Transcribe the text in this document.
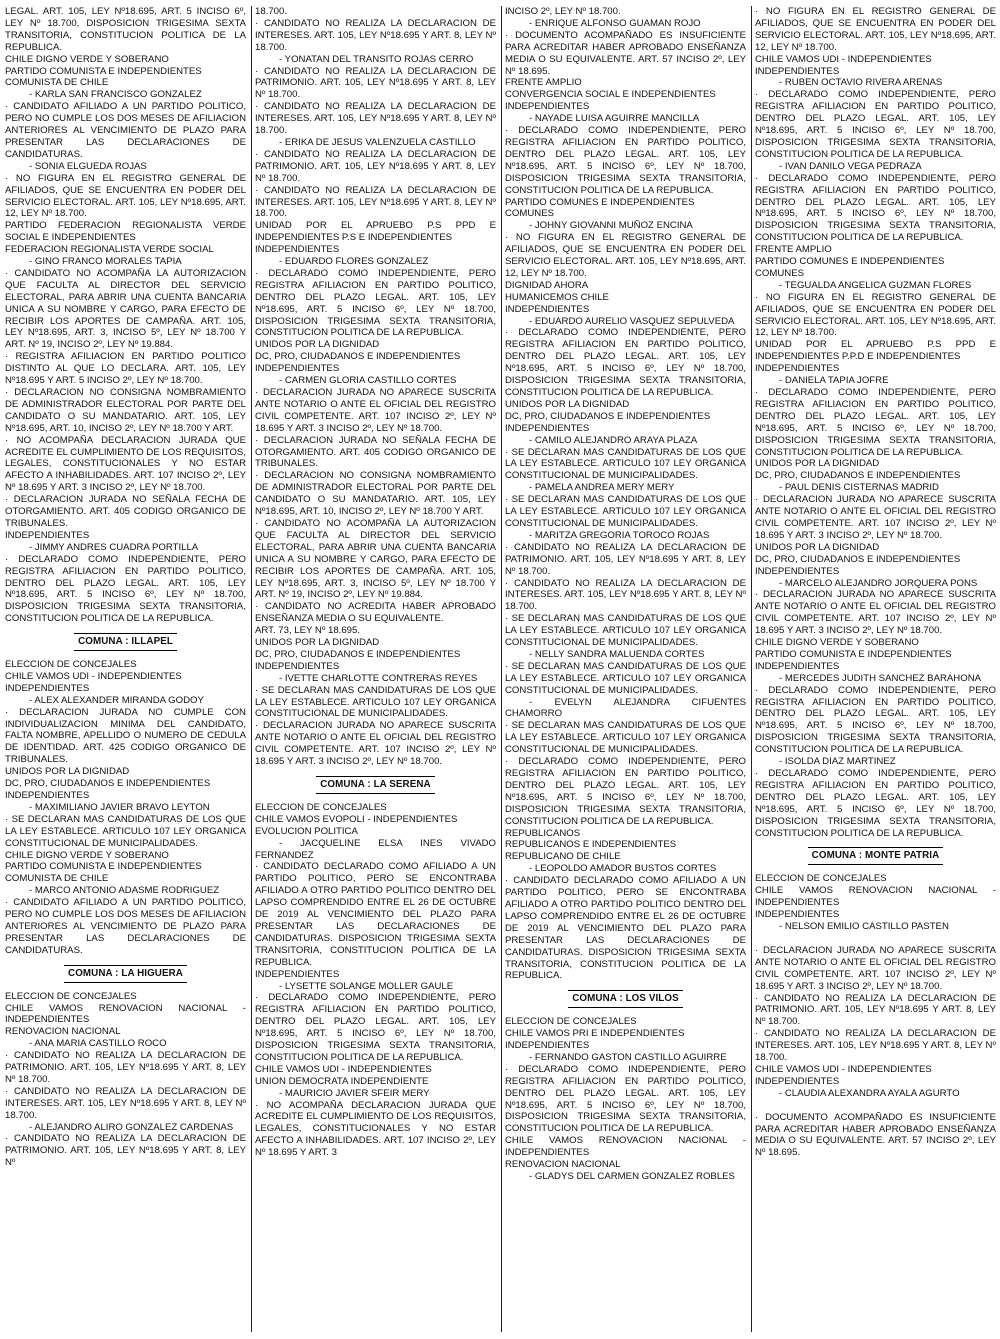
LEGAL. ART. 105, LEY Nº18.695, ART. 5 INCISO 6º, LEY Nº 18.700, DISPOSICION TRIGESIMA SEXTA TRANSITORIA, CONSTITUCION POLITICA DE LA REPUBLICA.

CHILE DIGNO VERDE Y SOBERANO

PARTIDO COMUNISTA E INDEPENDIENTES

COMUNISTA DE CHILE

- KARLA SAN FRANCISCO GONZALEZ

· CANDIDATO AFILIADO A UN PARTIDO POLITICO, PERO NO CUMPLE LOS DOS MESES DE AFILIACION ANTERIORES AL VENCIMIENTO DE PLAZO PARA PRESENTAR LAS DECLARACIONES DE CANDIDATURAS.

- SONIA ELGUEDA ROJAS

· NO FIGURA EN EL REGISTRO GENERAL DE AFILIADOS, QUE SE ENCUENTRA EN PODER DEL SERVICIO ELECTORAL. ART. 105, LEY Nº18.695, ART. 12, LEY Nº 18.700.

PARTIDO FEDERACION REGIONALISTA VERDE SOCIAL E INDEPENDIENTES

FEDERACION REGIONALISTA VERDE SOCIAL

- GINO FRANCO MORALES TAPIA

· CANDIDATO NO ACOMPAÑA LA AUTORIZACION QUE FACULTA AL DIRECTOR DEL SERVICIO ELECTORAL, PARA ABRIR UNA CUENTA BANCARIA UNICA A SU NOMBRE Y CARGO, PARA EFECTO DE RECIBIR LOS APORTES DE CAMPAÑA. ART. 105, LEY Nº18.695, ART. 3, INCISO 5º, LEY Nº 18.700 Y ART. Nº 19, INCISO 2º, LEY Nº 19.884.

· REGISTRA AFILIACION EN PARTIDO POLITICO DISTINTO AL QUE LO DECLARA. ART. 105, LEY Nº18.695 Y ART. 5 INCISO 2º, LEY Nº 18.700.

· DECLARACION NO CONSIGNA NOMBRAMIENTO DE ADMINISTRADOR ELECTORAL POR PARTE DEL CANDIDATO O SU MANDATARIO. ART. 105, LEY Nº18.695, ART. 10, INCISO 2º, LEY Nº 18.700 Y ART.

· NO ACOMPAÑA DECLARACION JURADA QUE ACREDITE EL CUMPLIMIENTO DE LOS REQUISITOS, LEGALES, CONSTITUCIONALES Y NO ESTAR AFECTO A INHABILIDADES. ART. 107 INCISO 2º, LEY Nº 18.695 Y ART. 3 INCISO 2º, LEY Nº 18.700.

· DECLARACION JURADA NO SEÑALA FECHA DE OTORGAMIENTO. ART. 405 CODIGO ORGANICO DE TRIBUNALES.

INDEPENDIENTES

- JIMMY ANDRES CUADRA PORTILLA

· DECLARADO COMO INDEPENDIENTE, PERO REGISTRA AFILIACION EN PARTIDO POLITICO, DENTRO DEL PLAZO LEGAL. ART. 105, LEY Nº18.695, ART. 5 INCISO 6º, LEY Nº 18.700, DISPOSICION TRIGESIMA SEXTA TRANSITORIA, CONSTITUCION POLITICA DE LA REPUBLICA.

COMUNA : ILLAPEL

ELECCION DE CONCEJALES

CHILE VAMOS UDI - INDEPENDIENTES

INDEPENDIENTES

- ALEX ALEXANDER MIRANDA GODOY

· DECLARACION JURADA NO CUMPLE CON INDIVIDUALIZACION MINIMA DEL CANDIDATO, FALTA NOMBRE, APELLIDO O NUMERO DE CEDULA DE IDENTIDAD. ART. 425 CODIGO ORGANICO DE TRIBUNALES.

UNIDOS POR LA DIGNIDAD

DC, PRO, CIUDADANOS E INDEPENDIENTES

INDEPENDIENTES

- MAXIMILIANO JAVIER BRAVO LEYTON

· SE DECLARAN MAS CANDIDATURAS DE LOS QUE LA LEY ESTABLECE. ARTICULO 107 LEY ORGANICA CONSTITUCIONAL DE MUNICIPALIDADES.

CHILE DIGNO VERDE Y SOBERANO

PARTIDO COMUNISTA E INDEPENDIENTES

COMUNISTA DE CHILE

- MARCO ANTONIO ADASME RODRIGUEZ

· CANDIDATO AFILIADO A UN PARTIDO POLITICO, PERO NO CUMPLE LOS DOS MESES DE AFILIACION ANTERIORES AL VENCIMIENTO DE PLAZO PARA PRESENTAR LAS DECLARACIONES DE CANDIDATURAS.

COMUNA : LA HIGUERA

ELECCION DE CONCEJALES

CHILE VAMOS RENOVACION NACIONAL - INDEPENDIENTES

RENOVACION NACIONAL

- ANA MARIA CASTILLO ROCO

· CANDIDATO NO REALIZA LA DECLARACION DE PATRIMONIO. ART. 105, LEY Nº18.695 Y ART. 8, LEY Nº 18.700.

· CANDIDATO NO REALIZA LA DECLARACION DE INTERESES. ART. 105, LEY Nº18.695 Y ART. 8, LEY Nº 18.700.

- ALEJANDRO ALIRO GONZALEZ CARDENAS

· CANDIDATO NO REALIZA LA DECLARACION DE PATRIMONIO. ART. 105, LEY Nº18.695 Y ART. 8, LEY Nº

18.700.

· CANDIDATO NO REALIZA LA DECLARACION DE INTERESES. ART. 105, LEY Nº18.695 Y ART. 8, LEY Nº 18.700.

- YONATAN DEL TRANSITO ROJAS CERRO

· CANDIDATO NO REALIZA LA DECLARACION DE PATRIMONIO. ART. 105, LEY Nº18.695 Y ART. 8, LEY Nº 18.700.

· CANDIDATO NO REALIZA LA DECLARACION DE INTERESES. ART. 105, LEY Nº18.695 Y ART. 8, LEY Nº 18.700.

- ERIKA DE JESUS VALENZUELA CASTILLO

· CANDIDATO NO REALIZA LA DECLARACION DE PATRIMONIO. ART. 105, LEY Nº18.695 Y ART. 8, LEY Nº 18.700.

· CANDIDATO NO REALIZA LA DECLARACION DE INTERESES. ART. 105, LEY Nº18.695 Y ART. 8, LEY Nº 18.700.

UNIDAD POR EL APRUEBO P.S PPD E INDEPENDIENTES P.S E INDEPENDIENTES

INDEPENDIENTES

- EDUARDO FLORES GONZALEZ

· DECLARADO COMO INDEPENDIENTE, PERO REGISTRA AFILIACION EN PARTIDO POLITICO, DENTRO DEL PLAZO LEGAL. ART. 105, LEY Nº18.695, ART. 5 INCISO 6º, LEY Nº 18.700, DISPOSICION TRIGESIMA SEXTA TRANSITORIA, CONSTITUCION POLITICA DE LA REPUBLICA.

UNIDOS POR LA DIGNIDAD

DC, PRO, CIUDADANOS E INDEPENDIENTES

INDEPENDIENTES

- CARMEN GLORIA CASTILLO CORTES

· DECLARACION JURADA NO APARECE SUSCRITA ANTE NOTARIO O ANTE EL OFICIAL DEL REGISTRO CIVIL COMPETENTE. ART. 107 INCISO 2º, LEY Nº 18.695 Y ART. 3 INCISO 2º, LEY Nº 18.700.

· DECLARACION JURADA NO SEÑALA FECHA DE OTORGAMIENTO. ART. 405 CODIGO ORGANICO DE TRIBUNALES.

· DECLARACION NO CONSIGNA NOMBRAMIENTO DE ADMINISTRADOR ELECTORAL POR PARTE DEL CANDIDATO O SU MANDATARIO. ART. 105, LEY Nº18.695, ART. 10, INCISO 2º, LEY Nº 18.700 Y ART.

· CANDIDATO NO ACOMPAÑA LA AUTORIZACION QUE FACULTA AL DIRECTOR DEL SERVICIO ELECTORAL, PARA ABRIR UNA CUENTA BANCARIA UNICA A SU NOMBRE Y CARGO, PARA EFECTO DE RECIBIR LOS APORTES DE CAMPAÑA. ART. 105, LEY Nº18.695, ART. 3, INCISO 5º, LEY Nº 18.700 Y ART. Nº 19, INCISO 2º, LEY Nº 19.884.

· CANDIDATO NO ACREDITA HABER APROBADO ENSEÑANZA MEDIA O SU EQUIVALENTE.

ART. 73, LEY Nº 18.695.

UNIDOS POR LA DIGNIDAD

DC, PRO, CIUDADANOS E INDEPENDIENTES

INDEPENDIENTES

- IVETTE CHARLOTTE CONTRERAS REYES

· SE DECLARAN MAS CANDIDATURAS DE LOS QUE LA LEY ESTABLECE. ARTICULO 107 LEY ORGANICA CONSTITUCIONAL DE MUNICIPALIDADES.

· DECLARACION JURADA NO APARECE SUSCRITA ANTE NOTARIO O ANTE EL OFICIAL DEL REGISTRO CIVIL COMPETENTE. ART. 107 INCISO 2º, LEY Nº 18.695 Y ART. 3 INCISO 2º, LEY Nº 18.700.

COMUNA : LA SERENA

ELECCION DE CONCEJALES

CHILE VAMOS EVOPOLI - INDEPENDIENTES

EVOLUCION POLITICA

- JACQUELINE ELSA INES VIVADO FERNANDEZ

· CANDIDATO DECLARADO COMO AFILIADO A UN PARTIDO POLITICO, PERO SE ENCONTRABA AFILIADO A OTRO PARTIDO POLITICO DENTRO DEL LAPSO COMPRENDIDO ENTRE EL 26 DE OCTUBRE DE 2019 AL VENCIMIENTO DEL PLAZO PARA PRESENTAR LAS DECLARACIONES DE CANDIDATURAS. DISPOSICION TRIGESIMA SEXTA TRANSITORIA, CONSTITUCION POLITICA DE LA REPUBLICA.

INDEPENDIENTES

- LYSETTE SOLANGE MOLLER GAULE

· DECLARADO COMO INDEPENDIENTE, PERO REGISTRA AFILIACION EN PARTIDO POLITICO, DENTRO DEL PLAZO LEGAL. ART. 105, LEY Nº18.695, ART. 5 INCISO 6º, LEY Nº 18.700, DISPOSICION TRIGESIMA SEXTA TRANSITORIA, CONSTITUCION POLITICA DE LA REPUBLICA.

CHILE VAMOS UDI - INDEPENDIENTES

UNION DEMOCRATA INDEPENDIENTE

- MAURICIO JAVIER SFEIR MERY

· NO ACOMPAÑA DECLARACION JURADA QUE ACREDITE EL CUMPLIMIENTO DE LOS REQUISITOS, LEGALES, CONSTITUCIONALES Y NO ESTAR AFECTO A INHABILIDADES. ART. 107 INCISO 2º, LEY Nº 18.695 Y ART. 3

INCISO 2º, LEY Nº 18.700.

- ENRIQUE ALFONSO GUAMAN ROJO

· DOCUMENTO ACOMPAÑADO ES INSUFICIENTE PARA ACREDITAR HABER APROBADO ENSEÑANZA MEDIA O SU EQUIVALENTE. ART. 57 INCISO 2º, LEY Nº 18.695.

FRENTE AMPLIO

CONVERGENCIA SOCIAL E INDEPENDIENTES

INDEPENDIENTES

- NAYADE LUISA AGUIRRE MANCILLA

· DECLARADO COMO INDEPENDIENTE, PERO REGISTRA AFILIACION EN PARTIDO POLITICO, DENTRO DEL PLAZO LEGAL. ART. 105, LEY Nº18.695, ART. 5 INCISO 6º, LEY Nº 18.700, DISPOSICION TRIGESIMA SEXTA TRANSITORIA, CONSTITUCION POLITICA DE LA REPUBLICA.

PARTIDO COMUNES E INDEPENDIENTES

COMUNES

- JOHNY GIOVANNI MUÑOZ ENCINA

· NO FIGURA EN EL REGISTRO GENERAL DE AFILIADOS, QUE SE ENCUENTRA EN PODER DEL SERVICIO ELECTORAL. ART. 105, LEY Nº18.695, ART. 12, LEY Nº 18.700.

DIGNIDAD AHORA

HUMANICEMOS CHILE

INDEPENDIENTES

- EDUARDO AURELIO VASQUEZ SEPULVEDA

· DECLARADO COMO INDEPENDIENTE, PERO REGISTRA AFILIACION EN PARTIDO POLITICO, DENTRO DEL PLAZO LEGAL. ART. 105, LEY Nº18.695, ART. 5 INCISO 6º, LEY Nº 18.700, DISPOSICION TRIGESIMA SEXTA TRANSITORIA, CONSTITUCION POLITICA DE LA REPUBLICA.

UNIDOS POR LA DIGNIDAD

DC, PRO, CIUDADANOS E INDEPENDIENTES

INDEPENDIENTES

- CAMILO ALEJANDRO ARAYA PLAZA

· SE DECLARAN MAS CANDIDATURAS DE LOS QUE LA LEY ESTABLECE. ARTICULO 107 LEY ORGANICA CONSTITUCIONAL DE MUNICIPALIDADES.

- PAMELA ANDREA MERY MERY

· SE DECLARAN MAS CANDIDATURAS DE LOS QUE LA LEY ESTABLECE. ARTICULO 107 LEY ORGANICA CONSTITUCIONAL DE MUNICIPALIDADES.

- MARITZA GREGORIA TOROCO ROJAS

· CANDIDATO NO REALIZA LA DECLARACION DE PATRIMONIO. ART. 105, LEY Nº18.695 Y ART. 8, LEY Nº 18.700.

· CANDIDATO NO REALIZA LA DECLARACION DE INTERESES. ART. 105, LEY Nº18.695 Y ART. 8, LEY Nº 18.700.

· SE DECLARAN MAS CANDIDATURAS DE LOS QUE LA LEY ESTABLECE. ARTICULO 107 LEY ORGANICA CONSTITUCIONAL DE MUNICIPALIDADES.

- NELLY SANDRA MALUENDA CORTES

· SE DECLARAN MAS CANDIDATURAS DE LOS QUE LA LEY ESTABLECE. ARTICULO 107 LEY ORGANICA CONSTITUCIONAL DE MUNICIPALIDADES.

- EVELYN ALEJANDRA CIFUENTES CHAMORRO

· SE DECLARAN MAS CANDIDATURAS DE LOS QUE LA LEY ESTABLECE. ARTICULO 107 LEY ORGANICA CONSTITUCIONAL DE MUNICIPALIDADES.

· DECLARADO COMO INDEPENDIENTE, PERO REGISTRA AFILIACION EN PARTIDO POLITICO, DENTRO DEL PLAZO LEGAL. ART. 105, LEY Nº18.695, ART. 5 INCISO 6º, LEY Nº 18.700, DISPOSICION TRIGESIMA SEXTA TRANSITORIA, CONSTITUCION POLITICA DE LA REPUBLICA.

REPUBLICANOS

REPUBLICANOS E INDEPENDIENTES

REPUBLICANO DE CHILE

- LEOPOLDO AMADOR BUSTOS CORTES

· CANDIDATO DECLARADO COMO AFILIADO A UN PARTIDO POLITICO, PERO SE ENCONTRABA AFILIADO A OTRO PARTIDO POLITICO DENTRO DEL LAPSO COMPRENDIDO ENTRE EL 26 DE OCTUBRE DE 2019 AL VENCIMIENTO DEL PLAZO PARA PRESENTAR LAS DECLARACIONES DE CANDIDATURAS. DISPOSICION TRIGESIMA SEXTA TRANSITORIA, CONSTITUCION POLITICA DE LA REPUBLICA.

COMUNA : LOS VILOS

ELECCION DE CONCEJALES

CHILE VAMOS PRI E INDEPENDIENTES

INDEPENDIENTES

- FERNANDO GASTON CASTILLO AGUIRRE

· DECLARADO COMO INDEPENDIENTE, PERO REGISTRA AFILIACION EN PARTIDO POLITICO, DENTRO DEL PLAZO LEGAL. ART. 105, LEY Nº18.695, ART. 5 INCISO 6º, LEY Nº 18.700, DISPOSICION TRIGESIMA SEXTA TRANSITORIA, CONSTITUCION POLITICA DE LA REPUBLICA.

CHILE VAMOS RENOVACION NACIONAL - INDEPENDIENTES

RENOVACION NACIONAL

- GLADYS DEL CARMEN GONZALEZ ROBLES

· NO FIGURA EN EL REGISTRO GENERAL DE AFILIADOS, QUE SE ENCUENTRA EN PODER DEL SERVICIO ELECTORAL. ART. 105, LEY Nº18.695, ART. 12, LEY Nº 18.700.

CHILE VAMOS UDI - INDEPENDIENTES

INDEPENDIENTES

- RUBEN OCTAVIO RIVERA ARENAS

· DECLARADO COMO INDEPENDIENTE, PERO REGISTRA AFILIACION EN PARTIDO POLITICO, DENTRO DEL PLAZO LEGAL. ART. 105, LEY Nº18.695, ART. 5 INCISO 6º, LEY Nº 18.700, DISPOSICION TRIGESIMA SEXTA TRANSITORIA, CONSTITUCION POLITICA DE LA REPUBLICA.

- IVAN DANILO VEGA PEDRAZA

· DECLARADO COMO INDEPENDIENTE, PERO REGISTRA AFILIACION EN PARTIDO POLITICO, DENTRO DEL PLAZO LEGAL. ART. 105, LEY Nº18.695, ART. 5 INCISO 6º, LEY Nº 18.700, DISPOSICION TRIGESIMA SEXTA TRANSITORIA, CONSTITUCION POLITICA DE LA REPUBLICA.

FRENTE AMPLIO

PARTIDO COMUNES E INDEPENDIENTES

COMUNES

- TEGUALDA ANGELICA GUZMAN FLORES

· NO FIGURA EN EL REGISTRO GENERAL DE AFILIADOS, QUE SE ENCUENTRA EN PODER DEL SERVICIO ELECTORAL. ART. 105, LEY Nº18.695, ART. 12, LEY Nº 18.700.

UNIDAD POR EL APRUEBO P.S PPD E INDEPENDIENTES P.P.D E INDEPENDIENTES

INDEPENDIENTES

- DANIELA TAPIA JOFRE

· DECLARADO COMO INDEPENDIENTE, PERO REGISTRA AFILIACION EN PARTIDO POLITICO, DENTRO DEL PLAZO LEGAL. ART. 105, LEY Nº18.695, ART. 5 INCISO 6º, LEY Nº 18.700, DISPOSICION TRIGESIMA SEXTA TRANSITORIA, CONSTITUCION POLITICA DE LA REPUBLICA.

UNIDOS POR LA DIGNIDAD

DC, PRO, CIUDADANOS E INDEPENDIENTES

- PAUL DENIS CISTERNAS MADRID

· DECLARACION JURADA NO APARECE SUSCRITA ANTE NOTARIO O ANTE EL OFICIAL DEL REGISTRO CIVIL COMPETENTE. ART. 107 INCISO 2º, LEY Nº 18.695 Y ART. 3 INCISO 2º, LEY Nº 18.700.

UNIDOS POR LA DIGNIDAD

DC, PRO, CIUDADANOS E INDEPENDIENTES

INDEPENDIENTES

- MARCELO ALEJANDRO JORQUERA PONS

· DECLARACION JURADA NO APARECE SUSCRITA ANTE NOTARIO O ANTE EL OFICIAL DEL REGISTRO CIVIL COMPETENTE. ART. 107 INCISO 2º, LEY Nº 18.695 Y ART. 3 INCISO 2º, LEY Nº 18.700.

CHILE DIGNO VERDE Y SOBERANO

PARTIDO COMUNISTA E INDEPENDIENTES

INDEPENDIENTES

- MERCEDES JUDITH SANCHEZ BARAHONA

· DECLARADO COMO INDEPENDIENTE, PERO REGISTRA AFILIACION EN PARTIDO POLITICO, DENTRO DEL PLAZO LEGAL. ART. 105, LEY Nº18.695, ART. 5 INCISO 6º, LEY Nº 18.700, DISPOSICION TRIGESIMA SEXTA TRANSITORIA, CONSTITUCION POLITICA DE LA REPUBLICA.

- ISOLDA DIAZ MARTINEZ

· DECLARADO COMO INDEPENDIENTE, PERO REGISTRA AFILIACION EN PARTIDO POLITICO, DENTRO DEL PLAZO LEGAL. ART. 105, LEY Nº18.695, ART. 5 INCISO 6º, LEY Nº 18.700, DISPOSICION TRIGESIMA SEXTA TRANSITORIA, CONSTITUCION POLITICA DE LA REPUBLICA.

COMUNA : MONTE PATRIA

ELECCION DE CONCEJALES

CHILE VAMOS RENOVACION NACIONAL - INDEPENDIENTES

INDEPENDIENTES

- NELSON EMILIO CASTILLO PASTEN

· DECLARACION JURADA NO APARECE SUSCRITA ANTE NOTARIO O ANTE EL OFICIAL DEL REGISTRO CIVIL COMPETENTE. ART. 107 INCISO 2º, LEY Nº 18.695 Y ART. 3 INCISO 2º, LEY Nº 18.700.

· CANDIDATO NO REALIZA LA DECLARACION DE PATRIMONIO. ART. 105, LEY Nº18.695 Y ART. 8, LEY Nº 18.700.

· CANDIDATO NO REALIZA LA DECLARACION DE INTERESES. ART. 105, LEY Nº18.695 Y ART. 8, LEY Nº 18.700.

CHILE VAMOS UDI - INDEPENDIENTES

INDEPENDIENTES

- CLAUDIA ALEXANDRA AYALA AGURTO

· DOCUMENTO ACOMPAÑADO ES INSUFICIENTE PARA ACREDITAR HABER APROBADO ENSEÑANZA MEDIA O SU EQUIVALENTE. ART. 57 INCISO 2º, LEY Nº 18.695.
